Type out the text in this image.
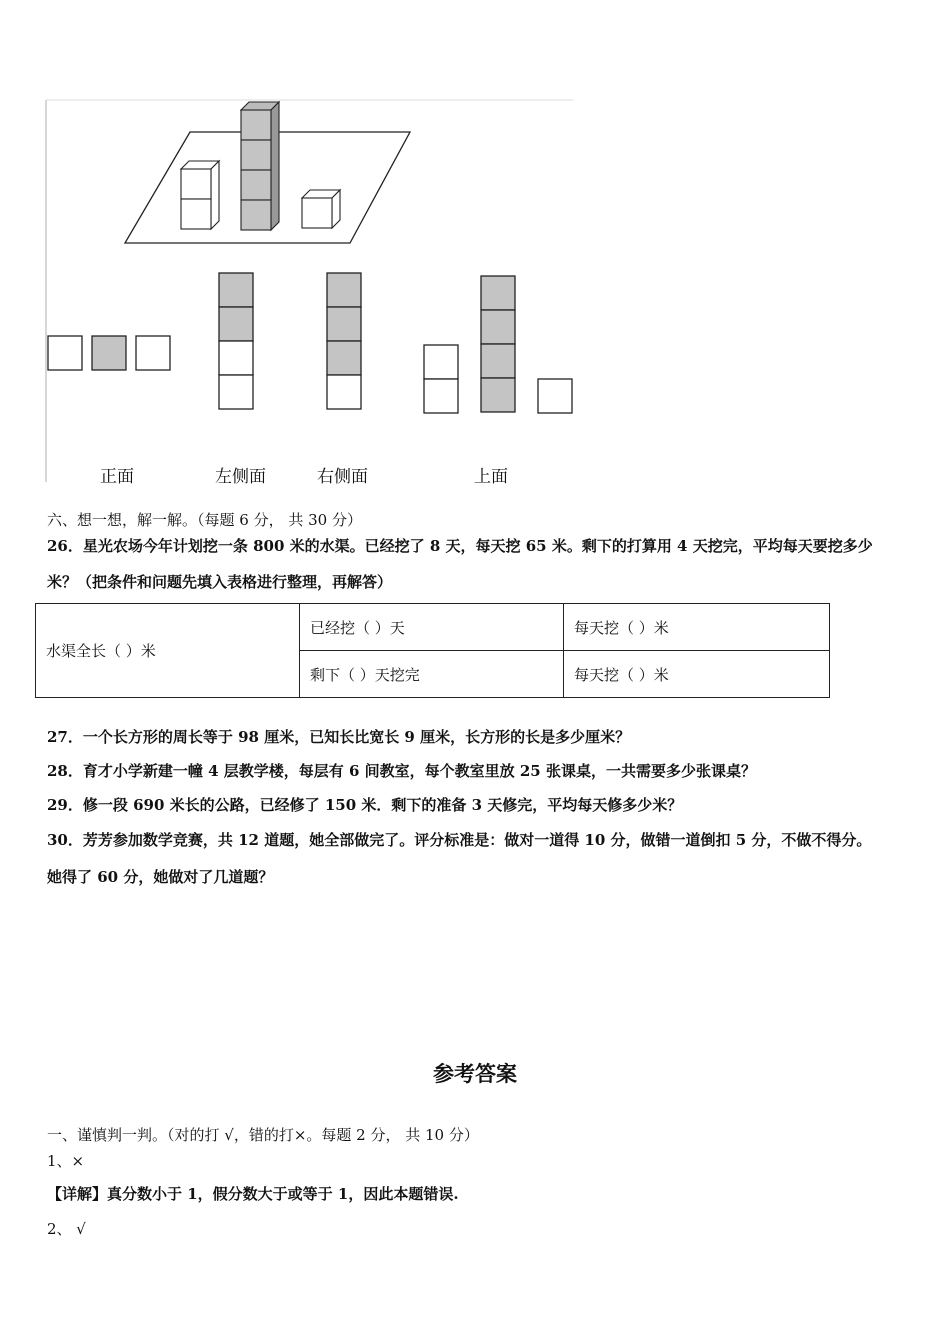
正面	左侧面	右侧面	上面
六、想一想，解一解。（每题 6 分， 共 30 分）
26．星光农场今年计划挖一条 800 米的水渠。已经挖了 8 天，每天挖 65 米。剩下的打算用 4 天挖完，平均每天要挖多少
米？（把条件和问题先填入表格进行整理，再解答）
水渠全长（ ）米	已经挖（ ）天	每天挖（ ）米
	剩下（ ）天挖完	每天挖（ ）米
27．一个长方形的周长等于 98 厘米，已知长比宽长 9 厘米，长方形的长是多少厘米？
28．育才小学新建一幢 4 层教学楼，每层有 6 间教室，每个教室里放 25 张课桌，一共需要多少张课桌？
29．修一段 690 米长的公路，已经修了 150 米．剩下的准备 3 天修完，平均每天修多少米？
30．芳芳参加数学竞赛，共 12 道题，她全部做完了。评分标准是：做对一道得 10 分，做错一道倒扣 5 分，不做不得分。
她得了 60 分，她做对了几道题？
参考答案
一、谨慎判一判。（对的打 √，错的打×。每题 2 分， 共 10 分）
1、×
【详解】真分数小于 1，假分数大于或等于 1，因此本题错误.
2、 √
